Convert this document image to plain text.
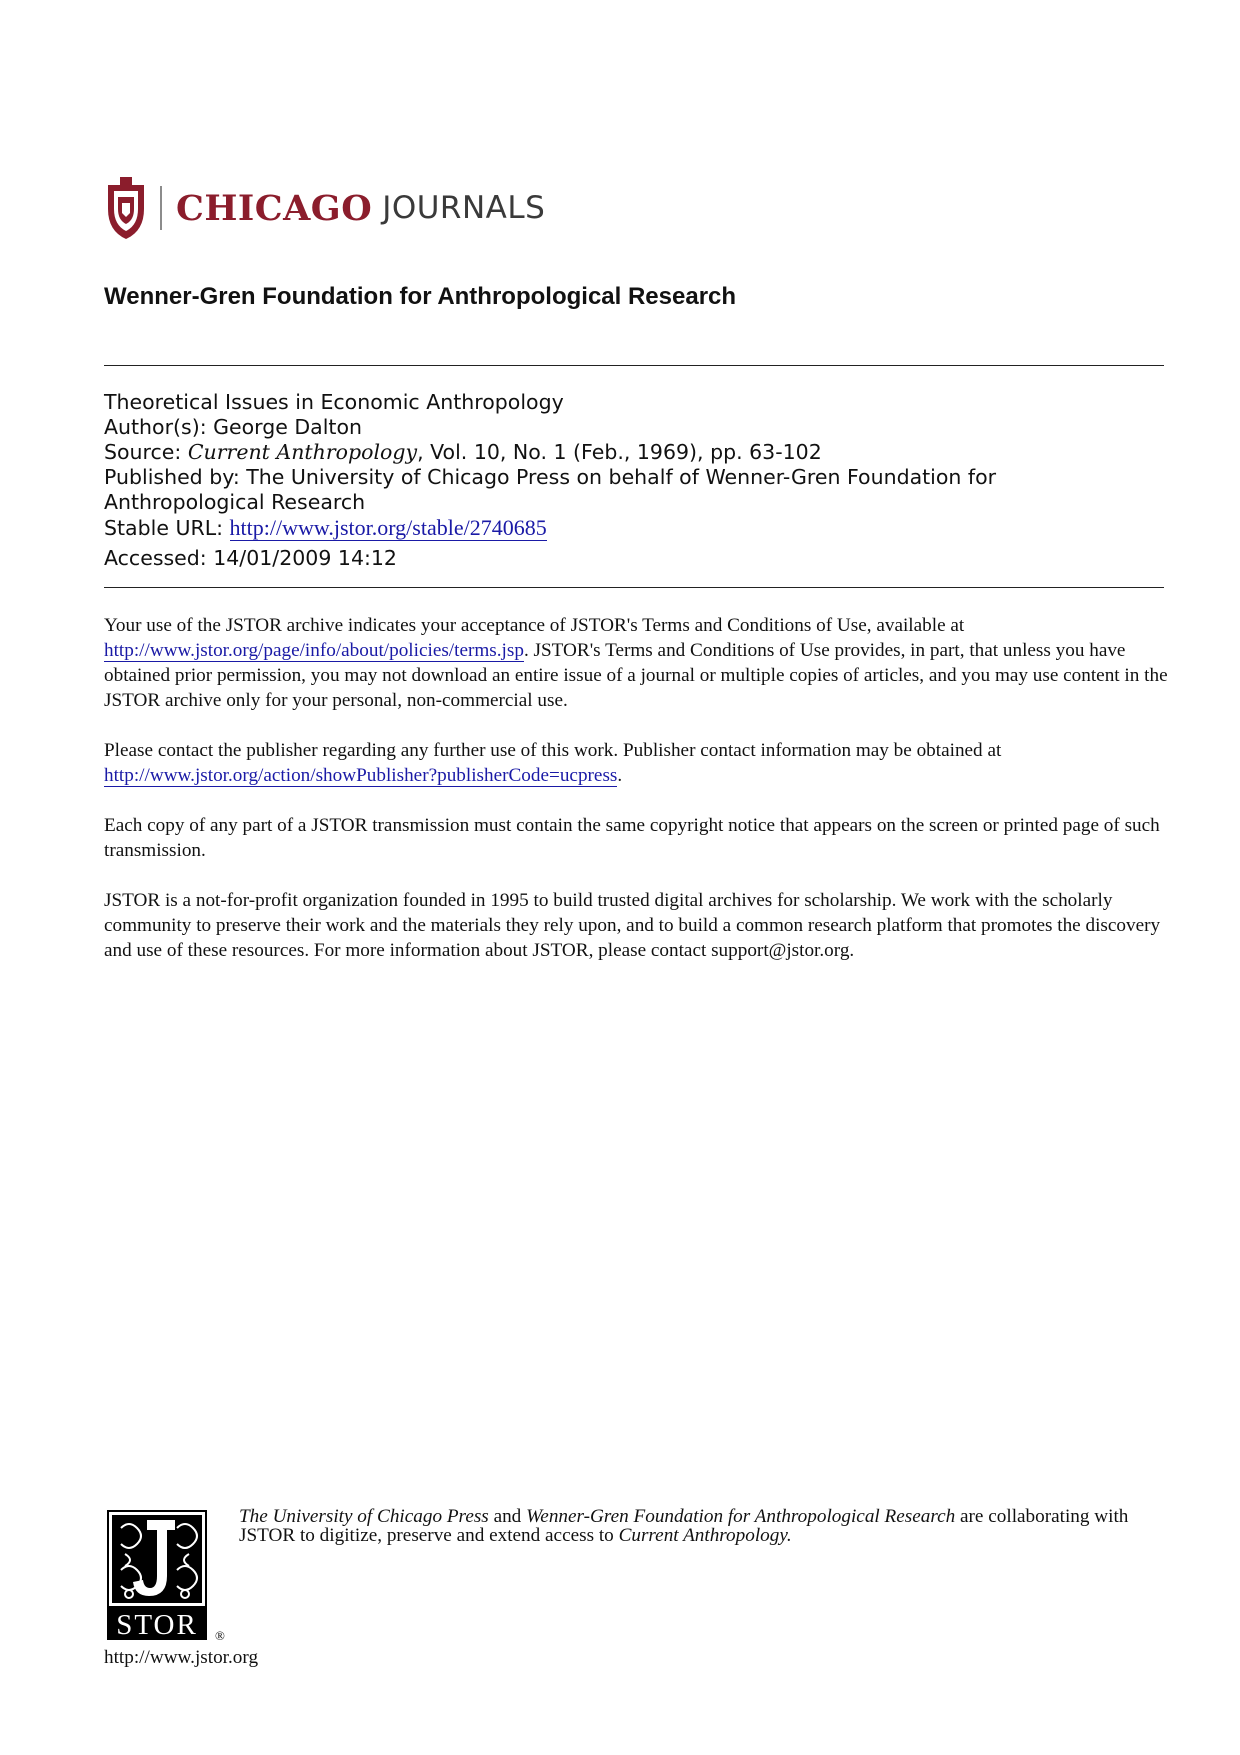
CHICAGO JOURNALS
Wenner-Gren Foundation for Anthropological Research
Theoretical Issues in Economic Anthropology
Author(s): George Dalton
Source: Current Anthropology, Vol. 10, No. 1 (Feb., 1969), pp. 63-102
Published by: The University of Chicago Press on behalf of Wenner-Gren Foundation for
Anthropological Research
Stable URL: http://www.jstor.org/stable/2740685
Accessed: 14/01/2009 14:12

Your use of the JSTOR archive indicates your acceptance of JSTOR's Terms and Conditions of Use, available at
http://www.jstor.org/page/info/about/policies/terms.jsp. JSTOR's Terms and Conditions of Use provides, in part, that unless you have obtained prior permission, you may not download an entire issue of a journal or multiple copies of articles, and you may use content in the JSTOR archive only for your personal, non-commercial use.

Please contact the publisher regarding any further use of this work. Publisher contact information may be obtained at
http://www.jstor.org/action/showPublisher?publisherCode=ucpress.

Each copy of any part of a JSTOR transmission must contain the same copyright notice that appears on the screen or printed page of such transmission.

JSTOR is a not-for-profit organization founded in 1995 to build trusted digital archives for scholarship. We work with the scholarly community to preserve their work and the materials they rely upon, and to build a common research platform that promotes the discovery and use of these resources. For more information about JSTOR, please contact support@jstor.org.

STOR ®
The University of Chicago Press and Wenner-Gren Foundation for Anthropological Research are collaborating with JSTOR to digitize, preserve and extend access to Current Anthropology.
http://www.jstor.org
